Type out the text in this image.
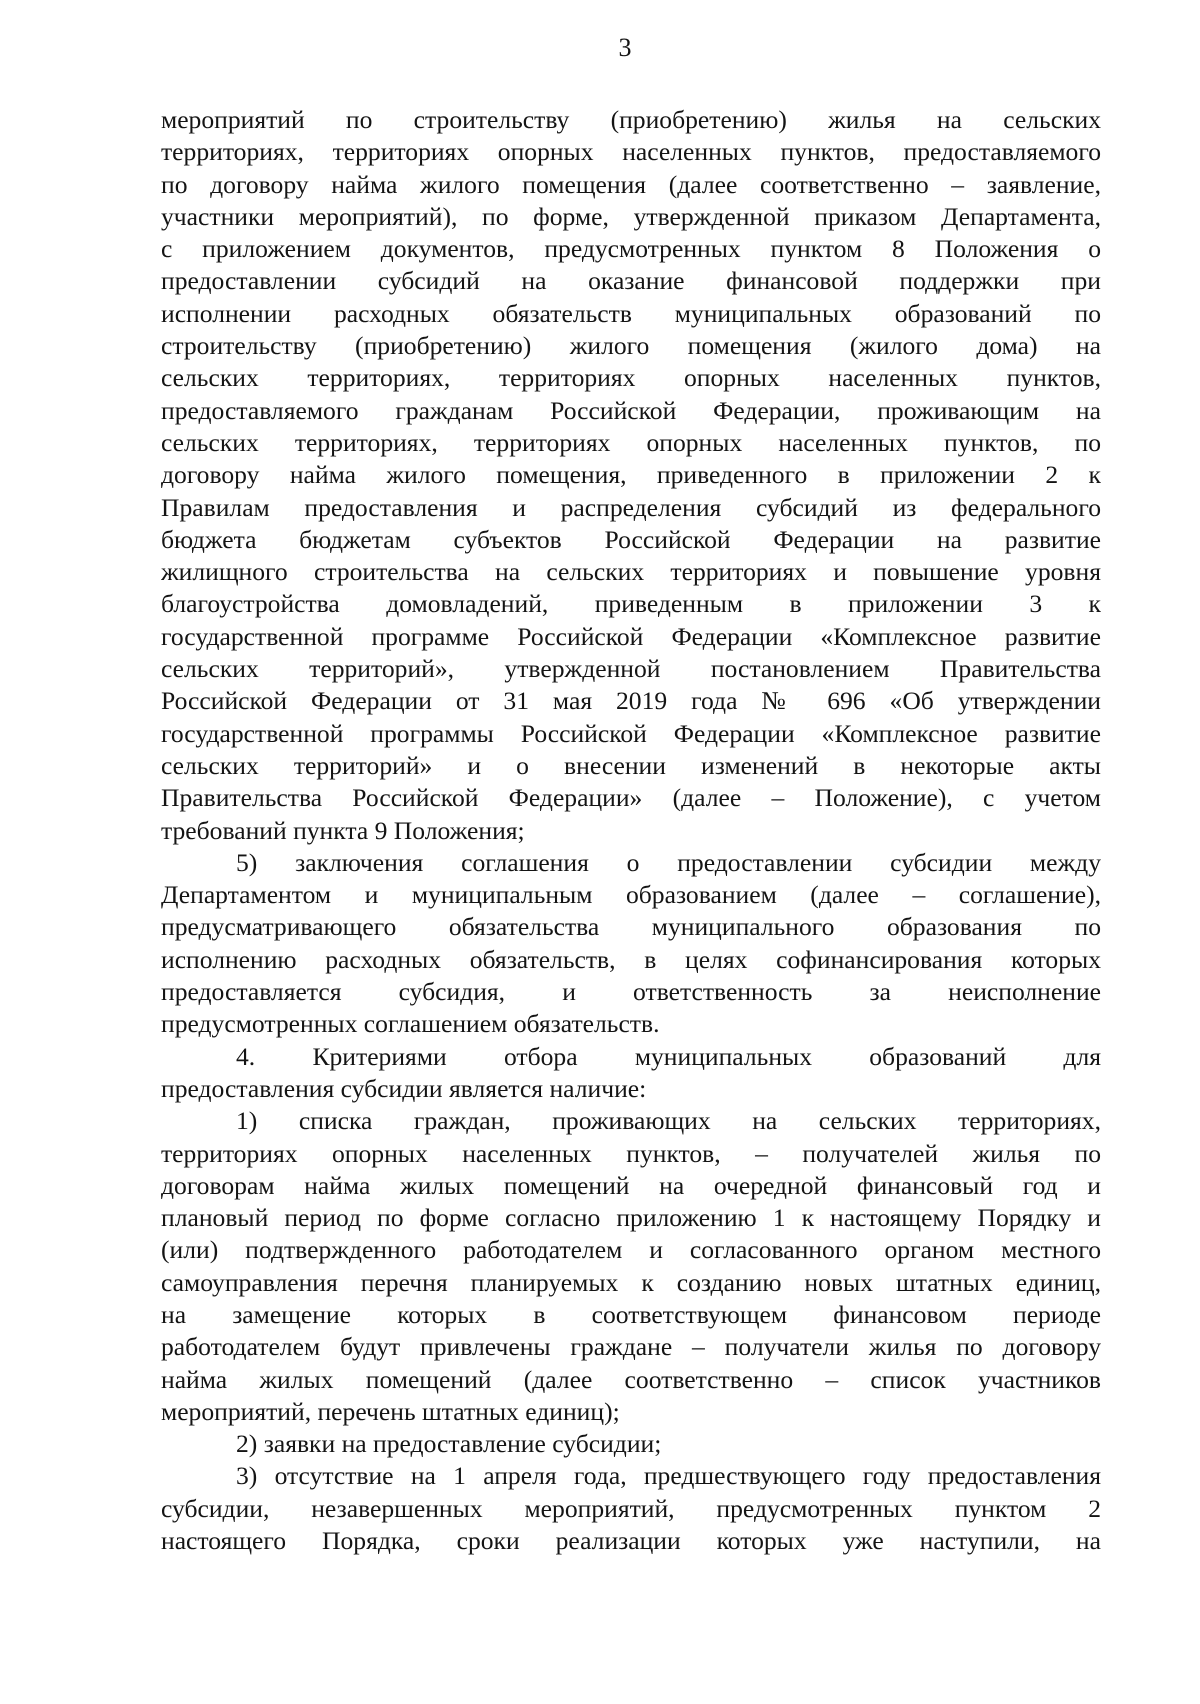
3
мероприятий по строительству (приобретению) жилья на сельских
территориях, территориях опорных населенных пунктов, предоставляемого
по договору найма жилого помещения (далее соответственно – заявление,
участники мероприятий), по форме, утвержденной приказом Департамента,
с приложением документов, предусмотренных пунктом 8 Положения о
предоставлении субсидий на оказание финансовой поддержки при
исполнении расходных обязательств муниципальных образований по
строительству (приобретению) жилого помещения (жилого дома) на
сельских территориях, территориях опорных населенных пунктов,
предоставляемого гражданам Российской Федерации, проживающим на
сельских территориях, территориях опорных населенных пунктов, по
договору найма жилого помещения, приведенного в приложении 2 к
Правилам предоставления и распределения субсидий из федерального
бюджета бюджетам субъектов Российской Федерации на развитие
жилищного строительства на сельских территориях и повышение уровня
благоустройства домовладений, приведенным в приложении 3 к
государственной программе Российской Федерации «Комплексное развитие
сельских территорий», утвержденной постановлением Правительства
Российской Федерации от 31 мая 2019 года № 696 «Об утверждении
государственной программы Российской Федерации «Комплексное развитие
сельских территорий» и о внесении изменений в некоторые акты
Правительства Российской Федерации» (далее – Положение), с учетом
требований пункта 9 Положения;
5) заключения соглашения о предоставлении субсидии между
Департаментом и муниципальным образованием (далее – соглашение),
предусматривающего обязательства муниципального образования по
исполнению расходных обязательств, в целях софинансирования которых
предоставляется субсидия, и ответственность за неисполнение
предусмотренных соглашением обязательств.
4. Критериями отбора муниципальных образований для
предоставления субсидии является наличие:
1) списка граждан, проживающих на сельских территориях,
территориях опорных населенных пунктов, – получателей жилья по
договорам найма жилых помещений на очередной финансовый год и
плановый период по форме согласно приложению 1 к настоящему Порядку и
(или) подтвержденного работодателем и согласованного органом местного
самоуправления перечня планируемых к созданию новых штатных единиц,
на замещение которых в соответствующем финансовом периоде
работодателем будут привлечены граждане – получатели жилья по договору
найма жилых помещений (далее соответственно – список участников
мероприятий, перечень штатных единиц);
2) заявки на предоставление субсидии;
3) отсутствие на 1 апреля года, предшествующего году предоставления
субсидии, незавершенных мероприятий, предусмотренных пунктом 2
настоящего Порядка, сроки реализации которых уже наступили, на
